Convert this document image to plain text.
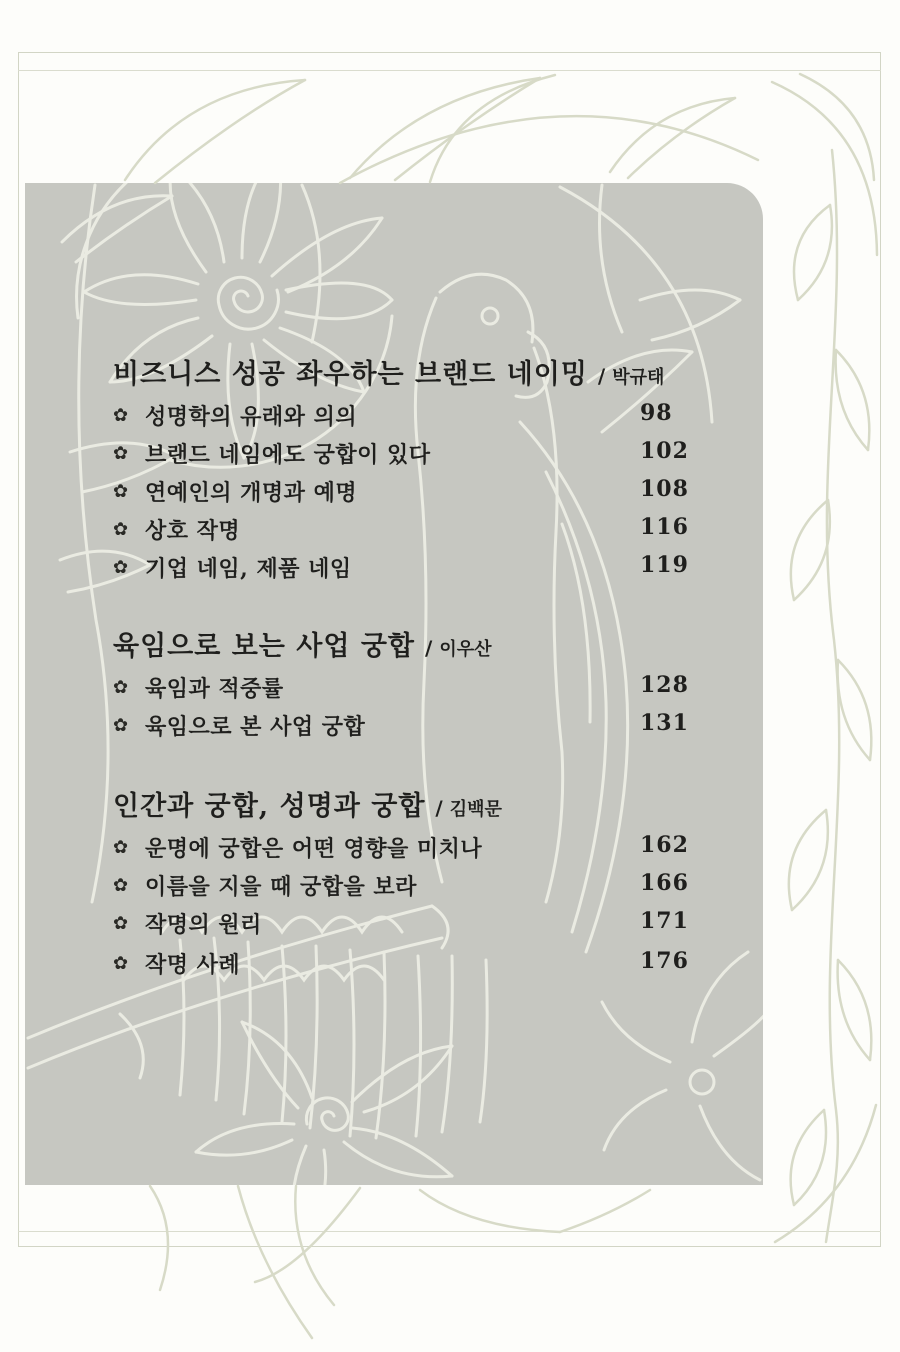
비즈니스 성공 좌우하는 브랜드 네이밍 / 박규태
✿ 성명학의 유래와 의의	98
✿ 브랜드 네임에도 궁합이 있다	102
✿ 연예인의 개명과 예명	108
✿ 상호 작명	116
✿ 기업 네임, 제품 네임	119
육임으로 보는 사업 궁합 / 이우산
✿ 육임과 적중률	128
✿ 육임으로 본 사업 궁합	131
인간과 궁합, 성명과 궁합 / 김백문
✿ 운명에 궁합은 어떤 영향을 미치나	162
✿ 이름을 지을 때 궁합을 보라	166
✿ 작명의 원리	171
✿ 작명 사례	176
